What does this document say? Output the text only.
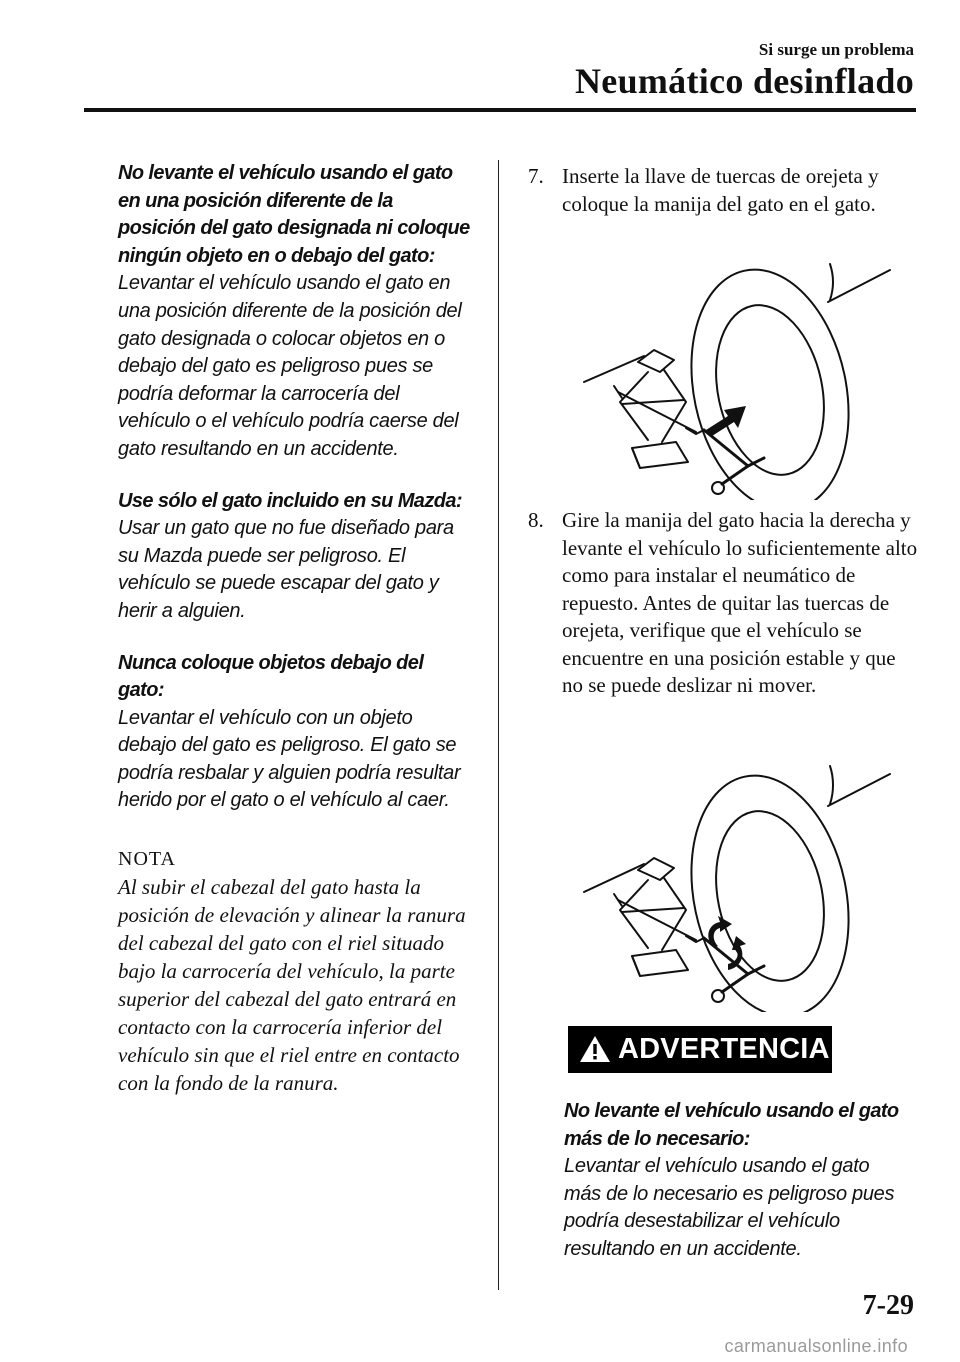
Si surge un problema
Neumático desinflado
No levante el vehículo usando el gato en una posición diferente de la posición del gato designada ni coloque ningún objeto en o debajo del gato:
Levantar el vehículo usando el gato en una posición diferente de la posición del gato designada o colocar objetos en o debajo del gato es peligroso pues se podría deformar la carrocería del vehículo o el vehículo podría caerse del gato resultando en un accidente.
Use sólo el gato incluido en su Mazda:
Usar un gato que no fue diseñado para su Mazda puede ser peligroso. El vehículo se puede escapar del gato y herir a alguien.
Nunca coloque objetos debajo del gato:
Levantar el vehículo con un objeto debajo del gato es peligroso. El gato se podría resbalar y alguien podría resultar herido por el gato o el vehículo al caer.
NOTA
Al subir el cabezal del gato hasta la posición de elevación y alinear la ranura del cabezal del gato con el riel situado bajo la carrocería del vehículo, la parte superior del cabezal del gato entrará en contacto con la carrocería inferior del vehículo sin que el riel entre en contacto con la fondo de la ranura.
7. Inserte la llave de tuercas de orejeta y coloque la manija del gato en el gato.
8. Gire la manija del gato hacia la derecha y levante el vehículo lo suficientemente alto como para instalar el neumático de repuesto. Antes de quitar las tuercas de orejeta, verifique que el vehículo se encuentre en una posición estable y que no se puede deslizar ni mover.
ADVERTENCIA
No levante el vehículo usando el gato más de lo necesario:
Levantar el vehículo usando el gato más de lo necesario es peligroso pues podría desestabilizar el vehículo resultando en un accidente.
7-29
carmanualsonline.info
